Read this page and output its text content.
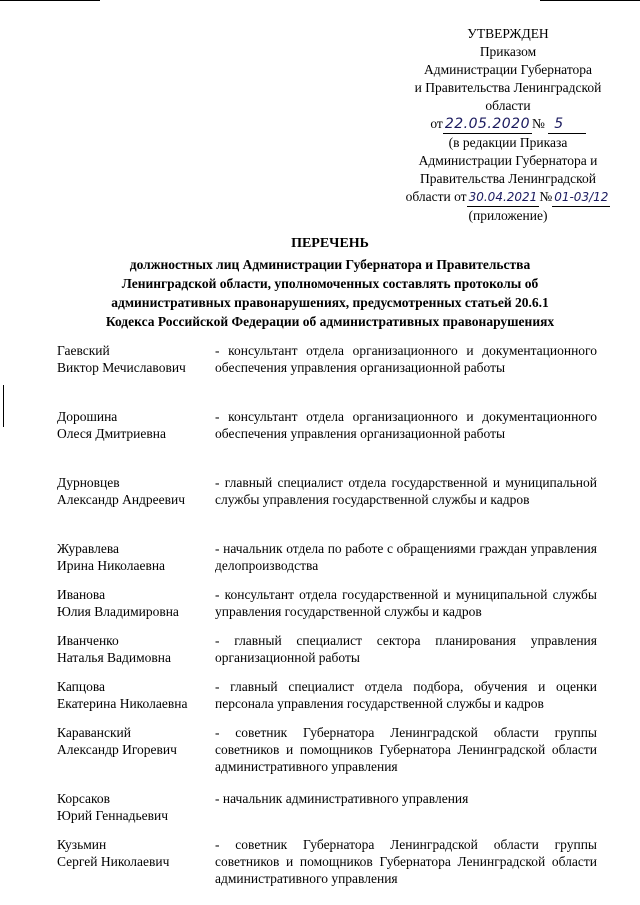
УТВЕРЖДЕН
Приказом
Администрации Губернатора
и Правительства Ленинградской
области
от 22.05.2020 № 5
(в редакции Приказа
Администрации Губернатора и
Правительства Ленинградской
области от 30.04.2021 № 01-03/12
(приложение)
ПЕРЕЧЕНЬ
должностных лиц Администрации Губернатора и Правительства
Ленинградской области, уполномоченных составлять протоколы об
административных правонарушениях, предусмотренных статьей 20.6.1
Кодекса Российской Федерации об административных правонарушениях
Гаевский
Виктор Мечиславович
- консультант отдела организационного и документационного обеспечения управления организационной работы
Дорошина
Олеся Дмитриевна
- консультант отдела организационного и документационного обеспечения управления организационной работы
Дурновцев
Александр Андреевич
- главный специалист отдела государственной и муниципальной службы управления государственной службы и кадров
Журавлева
Ирина Николаевна
- начальник отдела по работе с обращениями граждан управления делопроизводства
Иванова
Юлия Владимировна
- консультант отдела государственной и муниципальной службы управления государственной службы и кадров
Иванченко
Наталья Вадимовна
- главный специалист сектора планирования управления организационной работы
Капцова
Екатерина Николаевна
- главный специалист отдела подбора, обучения и оценки персонала управления государственной службы и кадров
Караванский
Александр Игоревич
- советник Губернатора Ленинградской области группы советников и помощников Губернатора Ленинградской области административного управления
Корсаков
Юрий Геннадьевич
- начальник административного управления
Кузьмин
Сергей Николаевич
- советник Губернатора Ленинградской области группы советников и помощников Губернатора Ленинградской области административного управления
